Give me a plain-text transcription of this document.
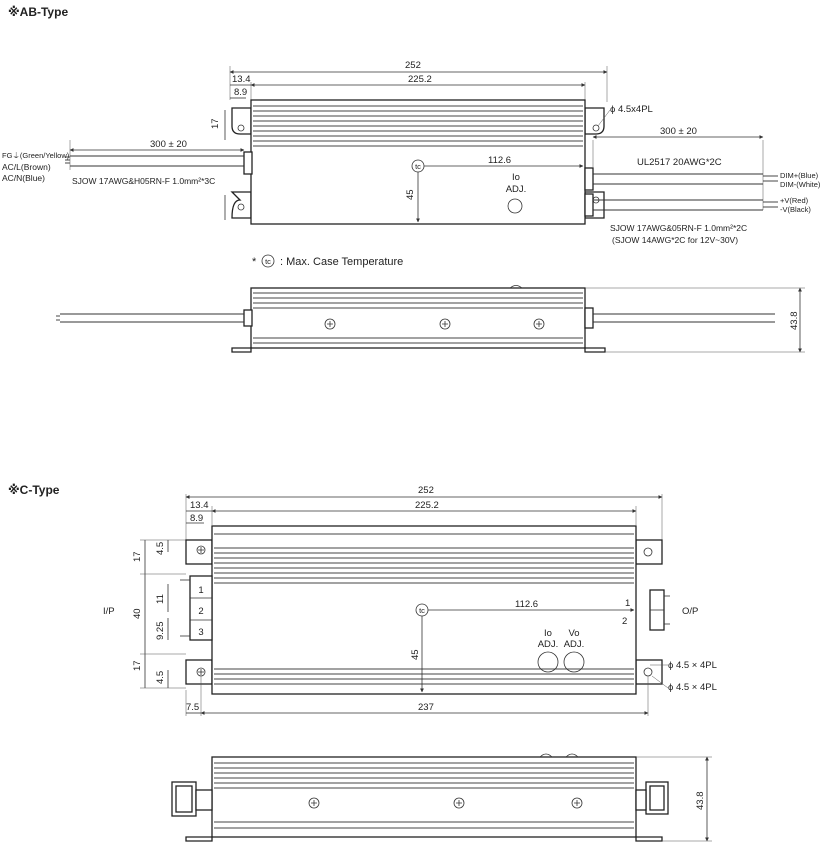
※AB-Type
252
225.2
13.4
8.9
17
tc
112.6
45
Io
ADJ.
ϕ 4.5x4PL
300 ± 20
FG⏚(Green/Yellow)
AC/L(Brown)
AC/N(Blue)	SJOW 17AWG&H05RN-F 1.0mm²*3C
300 ± 20
UL2517 20AWG*2C
DIM+(Blue)
DIM-(White)
+V(Red)
-V(Black)
SJOW 17AWG&05RN-F 1.0mm²*2C
(SJOW 14AWG*2C for 12V~30V)
* tc : Max. Case Temperature
43.8
※C-Type	252
225.2
13.4
8.9
17
4.5
40
11
9.25
17
4.5
I/P
1
2
3
1
2
O/P
tc
112.6
45
Io
ADJ.
Vo
ADJ.
ϕ 4.5 × 4PL
ϕ 4.5 × 4PL
237
7.5
43.8
